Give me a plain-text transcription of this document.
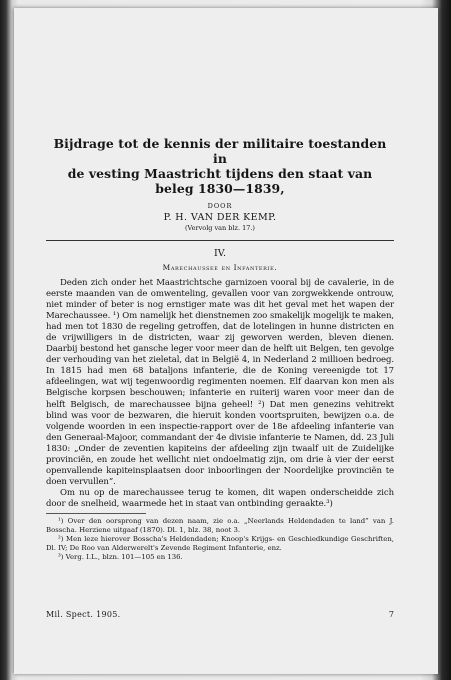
Bijdrage tot de kennis der militaire toestanden in
de vesting Maastricht tijdens den staat van
beleg 1830—1839,
DOOR
P. H. VAN DER KEMP.
(Vervolg van blz. 17.)
IV.
Marechaussee en Infanterie.

Deden zich onder het Maastrichtsche garnizoen vooral bij de cavalerie, in de eerste maanden van de omwenteling, gevallen voor van zorgwekkende ontrouw, niet minder of beter is nog ernstiger mate was dit het geval met het wapen der Marechaussee. ¹) Om namelijk het dienstnemen zoo smakelijk mogelijk te maken, had men tot 1830 de regeling getroffen, dat de lotelingen in hunne districten en de vrijwilligers in de districten, waar zij geworven werden, bleven dienen. Daarbij bestond het gansche leger voor meer dan de helft uit Belgen, ten gevolge der verhouding van het zieletal, dat in België 4, in Nederland 2 millioen bedroeg. In 1815 had men 68 bataljons infanterie, die de Koning vereenigde tot 17 afdeelingen, wat wij tegenwoordig regimenten noemen. Elf daarvan kon men als Belgische korpsen beschouwen; infanterie en ruiterij waren voor meer dan de helft Belgisch, de marechaussee bijna geheel! ²) Dat men genezins vehitrekt blind was voor de bezwaren, die hieruit konden voortspruiten, bewijzen o.a. de volgende woorden in een inspectie-rapport over de 18e afdeeling infanterie van den Generaal-Majoor, commandant der 4e divisie infanterie te Namen, dd. 23 Juli 1830: „Onder de zeventien kapiteins der afdeeling zijn twaalf uit de Zuidelijke provinciën, en zoude het wellicht niet ondoelmatig zijn, om drie à vier der eerst openvallende kapiteinsplaatsen door inboorlingen der Noordelijke provinciën te doen vervullen”.

Om nu op de marechaussee terug te komen, dit wapen onderscheidde zich door de snelheid, waarmede het in staat van ontbinding geraakte.³)

¹) Over den oorsprong van dezen naam, zie o.a. „Neerlands Heldendaden te land” van J. Bosscha. Herziene uitgaaf (1870). Dl. 1, blz. 38, noot 3.
²) Men leze hierover Bosscha's Heldendaden; Knoop's Krijgs- en Geschiedkundige Geschriften, Dl. IV; De Roo van Alderwerelt's Zevende Regiment Infanterie, enz.
³) Verg. I.L., blzn. 101—105 en 136.
Mil. Spect. 1905.	7
